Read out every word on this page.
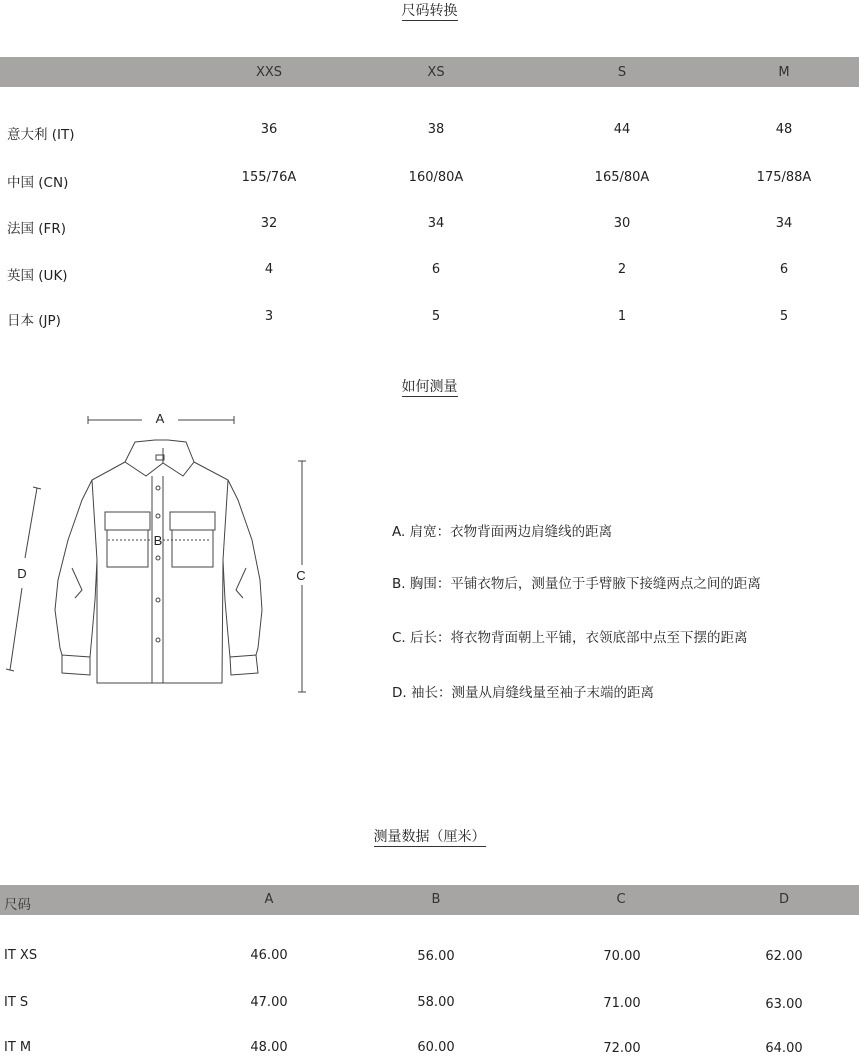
尺码转换
XXS	XS	S	M
意大利 (IT)	36	38	44	48
中国 (CN)	155/76A	160/80A	165/80A	175/88A
法国 (FR)	32	34	30	34
英国 (UK)	4	6	2	6
日本 (JP)	3	5	1	5
如何测量
A
C
D
B
A. 肩宽：衣物背面两边肩缝线的距离
B. 胸围：平铺衣物后，测量位于手臂腋下接缝两点之间的距离
C. 后长：将衣物背面朝上平铺，衣领底部中点至下摆的距离
D. 袖长：测量从肩缝线量至袖子末端的距离
测量数据（厘米）
尺码	A	B	C	D
IT XS	46.00	56.00	70.00	62.00
IT S	47.00	58.00	71.00	63.00
IT M	48.00	60.00	72.00	64.00
